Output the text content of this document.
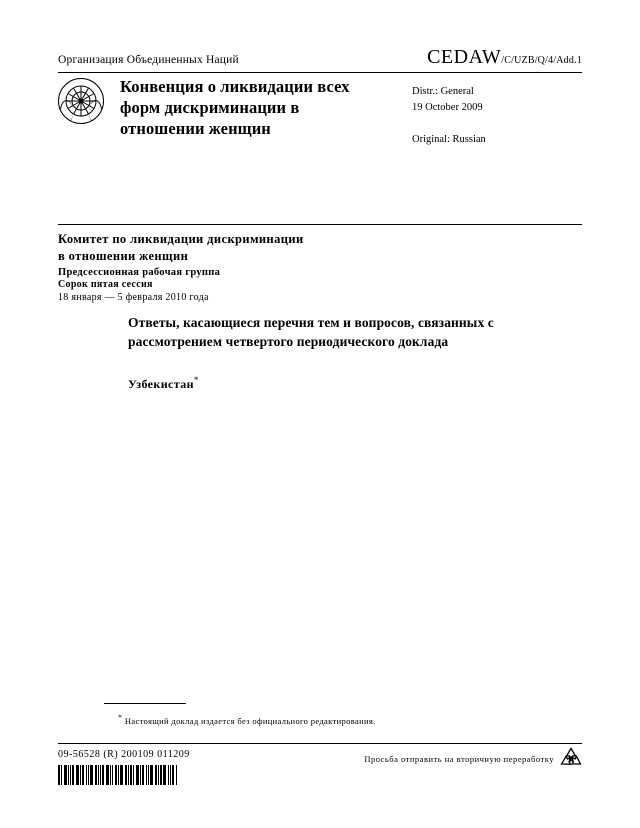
Организация Объединенных Наций	CEDAW/C/UZB/Q/4/Add.1
Конвенция о ликвидации всех форм дискриминации в отношении женщин
Distr.: General
19 October 2009
Original: Russian
Комитет по ликвидации дискриминации
в отношении женщин
Предсессионная рабочая группа
Сорок пятая сессия
18 января — 5 февраля 2010 года
Ответы, касающиеся перечня тем и вопросов, связанных с рассмотрением четвертого периодического доклада
Узбекистан*
* Настоящий доклад издается без официального редактирования.
09-56528 (R) 200109 011209	Просьба отправить на вторичную переработку
